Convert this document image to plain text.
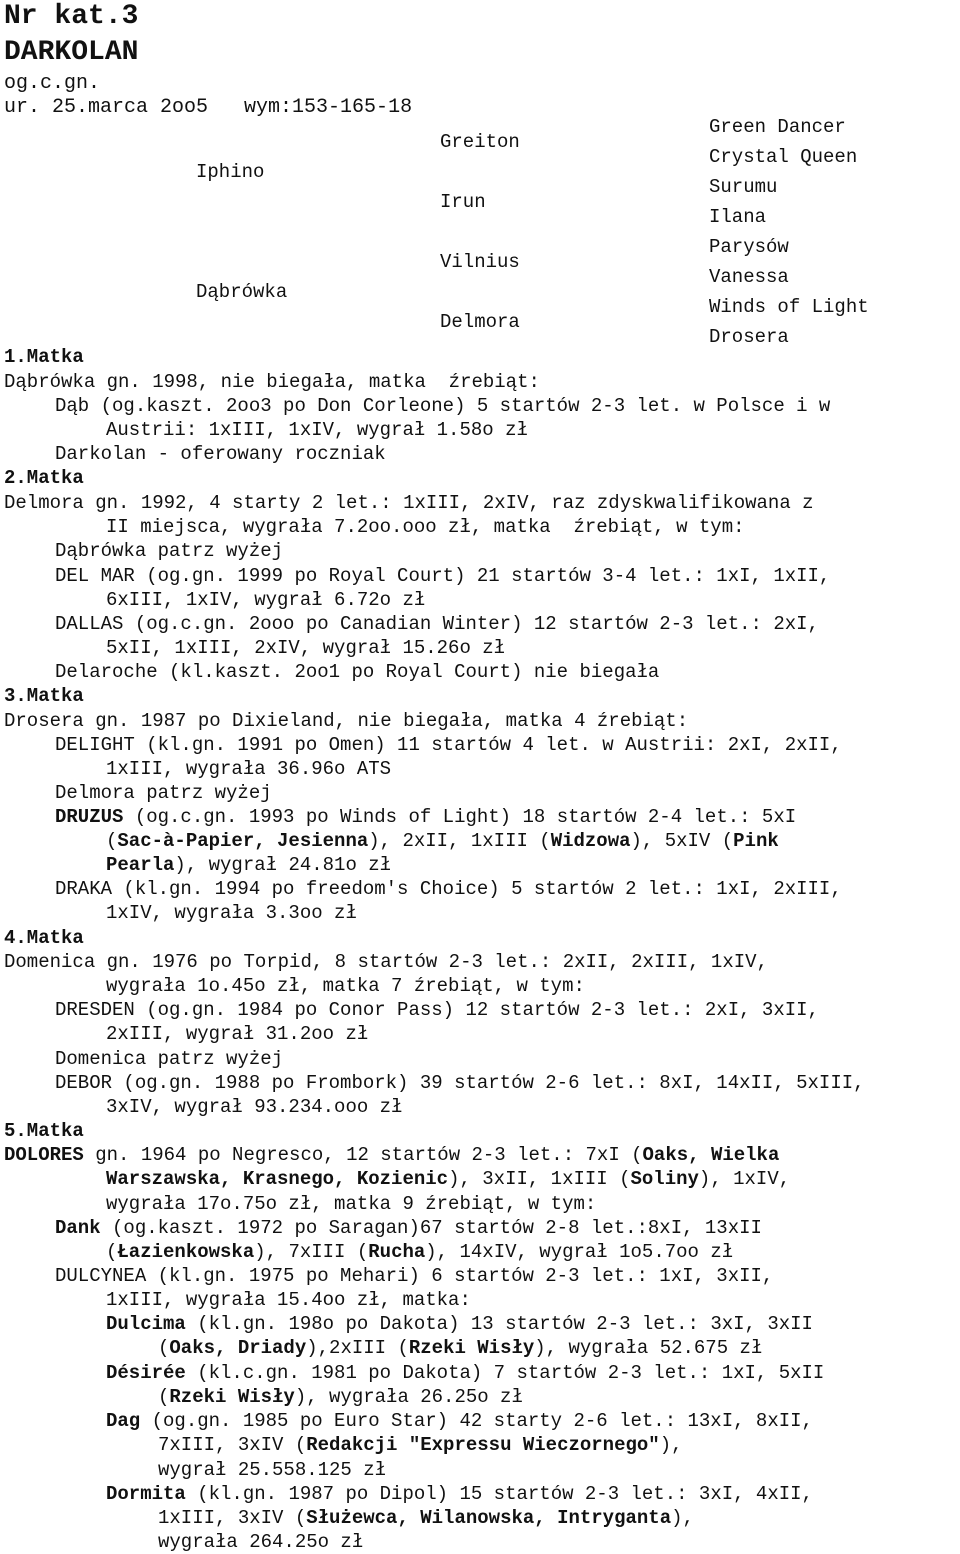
Nr kat.3
DARKOLAN
og.c.gn.
ur. 25.marca 2oo5   wym:153-165-18
Iphino
Dąbrówka
Greiton
Irun
Vilnius
Delmora
Green Dancer
Crystal Queen
Surumu
Ilana
Parysów
Vanessa
Winds of Light
Drosera
1.Matka
Dąbrówka gn. 1998, nie biegała, matka  źrebiąt:
Dąb (og.kaszt. 2oo3 po Don Corleone) 5 startów 2-3 let. w Polsce i w
Austrii: 1xIII, 1xIV, wygrał 1.58o zł
Darkolan - oferowany roczniak
2.Matka
Delmora gn. 1992, 4 starty 2 let.: 1xIII, 2xIV, raz zdyskwalifikowana z
II miejsca, wygrała 7.2oo.ooo zł, matka  źrebiąt, w tym:
Dąbrówka patrz wyżej
DEL MAR (og.gn. 1999 po Royal Court) 21 startów 3-4 let.: 1xI, 1xII,
6xIII, 1xIV, wygrał 6.72o zł
DALLAS (og.c.gn. 2ooo po Canadian Winter) 12 startów 2-3 let.: 2xI,
5xII, 1xIII, 2xIV, wygrał 15.26o zł
Delaroche (kl.kaszt. 2oo1 po Royal Court) nie biegała
3.Matka
Drosera gn. 1987 po Dixieland, nie biegała, matka 4 źrebiąt:
DELIGHT (kl.gn. 1991 po Omen) 11 startów 4 let. w Austrii: 2xI, 2xII,
1xIII, wygrała 36.96o ATS
Delmora patrz wyżej
DRUZUS (og.c.gn. 1993 po Winds of Light) 18 startów 2-4 let.: 5xI
(Sac-à-Papier, Jesienna), 2xII, 1xIII (Widzowa), 5xIV (Pink
Pearla), wygrał 24.81o zł
DRAKA (kl.gn. 1994 po freedom's Choice) 5 startów 2 let.: 1xI, 2xIII,
1xIV, wygrała 3.3oo zł
4.Matka
Domenica gn. 1976 po Torpid, 8 startów 2-3 let.: 2xII, 2xIII, 1xIV,
wygrała 1o.45o zł, matka 7 źrebiąt, w tym:
DRESDEN (og.gn. 1984 po Conor Pass) 12 startów 2-3 let.: 2xI, 3xII,
2xIII, wygrał 31.2oo zł
Domenica patrz wyżej
DEBOR (og.gn. 1988 po Frombork) 39 startów 2-6 let.: 8xI, 14xII, 5xIII,
3xIV, wygrał 93.234.ooo zł
5.Matka
DOLORES gn. 1964 po Negresco, 12 startów 2-3 let.: 7xI (Oaks, Wielka
Warszawska, Krasnego, Kozienic), 3xII, 1xIII (Soliny), 1xIV,
wygrała 17o.75o zł, matka 9 źrebiąt, w tym:
Dank (og.kaszt. 1972 po Saragan)67 startów 2-8 let.:8xI, 13xII
(Łazienkowska), 7xIII (Rucha), 14xIV, wygrał 1o5.7oo zł
DULCYNEA (kl.gn. 1975 po Mehari) 6 startów 2-3 let.: 1xI, 3xII,
1xIII, wygrała 15.4oo zł, matka:
Dulcima (kl.gn. 198o po Dakota) 13 startów 2-3 let.: 3xI, 3xII
(Oaks, Driady),2xIII (Rzeki Wisły), wygrała 52.675 zł
Désirée (kl.c.gn. 1981 po Dakota) 7 startów 2-3 let.: 1xI, 5xII
(Rzeki Wisły), wygrała 26.25o zł
Dag (og.gn. 1985 po Euro Star) 42 starty 2-6 let.: 13xI, 8xII,
7xIII, 3xIV (Redakcji "Expressu Wieczornego"),
wygrał 25.558.125 zł
Dormita (kl.gn. 1987 po Dipol) 15 startów 2-3 let.: 3xI, 4xII,
1xIII, 3xIV (Służewca, Wilanowska, Intryganta),
wygrała 264.25o zł
